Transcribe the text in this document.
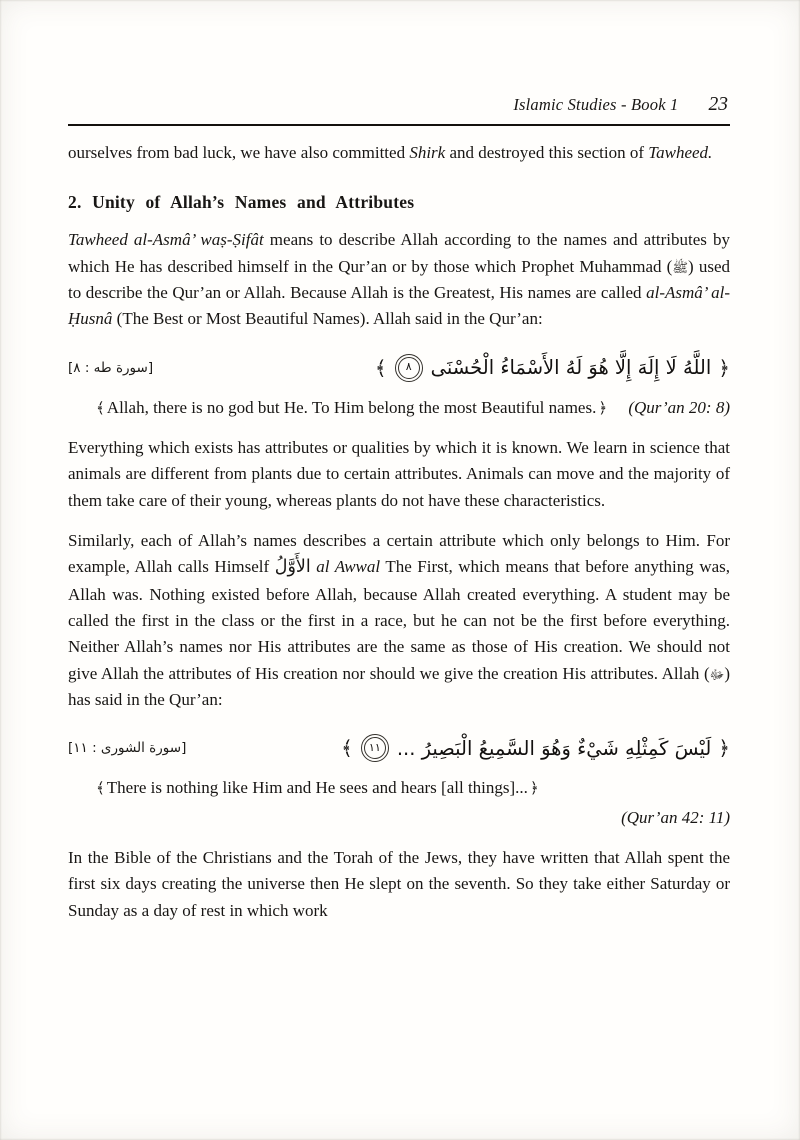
Islamic Studies - Book 1 23

ourselves from bad luck, we have also committed Shirk and destroyed this section of Tawheed.

2. Unity of Allah’s Names and Attributes

Tawheed al-Asmâ’ waṣ-Ṣifât means to describe Allah according to the names and attributes by which He has described himself in the Qur’an or by those which Prophet Muhammad (ﷺ) used to describe the Qur’an or Allah. Because Allah is the Greatest, His names are called al-Asmâ’ al-Ḥusnâ (The Best or Most Beautiful Names). Allah said in the Qur’an:

[سورة طه : ٨]	﴿
اللَّهُ لَا إِلَهَ إِلَّا هُوَ لَهُ الأَسْمَاءُ الْحُسْنَى
٨
﴾
﴾ Allah, there is no god but He. To Him belong the most Beautiful names. ﴿ (Qur’an 20: 8)

Everything which exists has attributes or qualities by which it is known. We learn in science that animals are different from plants due to certain attributes. Animals can move and the majority of them take care of their young, whereas plants do not have these characteristics.

Similarly, each of Allah’s names describes a certain attribute which only belongs to Him. For example, Allah calls Himself الأَوَّلُ al Awwal The First, which means that before anything was, Allah was. Nothing existed before Allah, because Allah created everything. A student may be called the first in the class or the first in a race, but he can not be the first before everything. Neither Allah’s names nor His attributes are the same as those of His creation. We should not give Allah the attributes of His creation nor should we give the creation His attributes. Allah (ﷻ) has said in the Qur’an:

[سورة الشورى : ١١]	﴿
لَيْسَ كَمِثْلِهِ شَيْءٌ وَهُوَ السَّمِيعُ الْبَصِيرُ ...
١١
﴾
﴾ There is nothing like Him and He sees and hears [all things]... ﴿
(Qur’an 42: 11)

In the Bible of the Christians and the Torah of the Jews, they have written that Allah spent the first six days creating the universe then He slept on the seventh. So they take either Saturday or Sunday as a day of rest in which work
